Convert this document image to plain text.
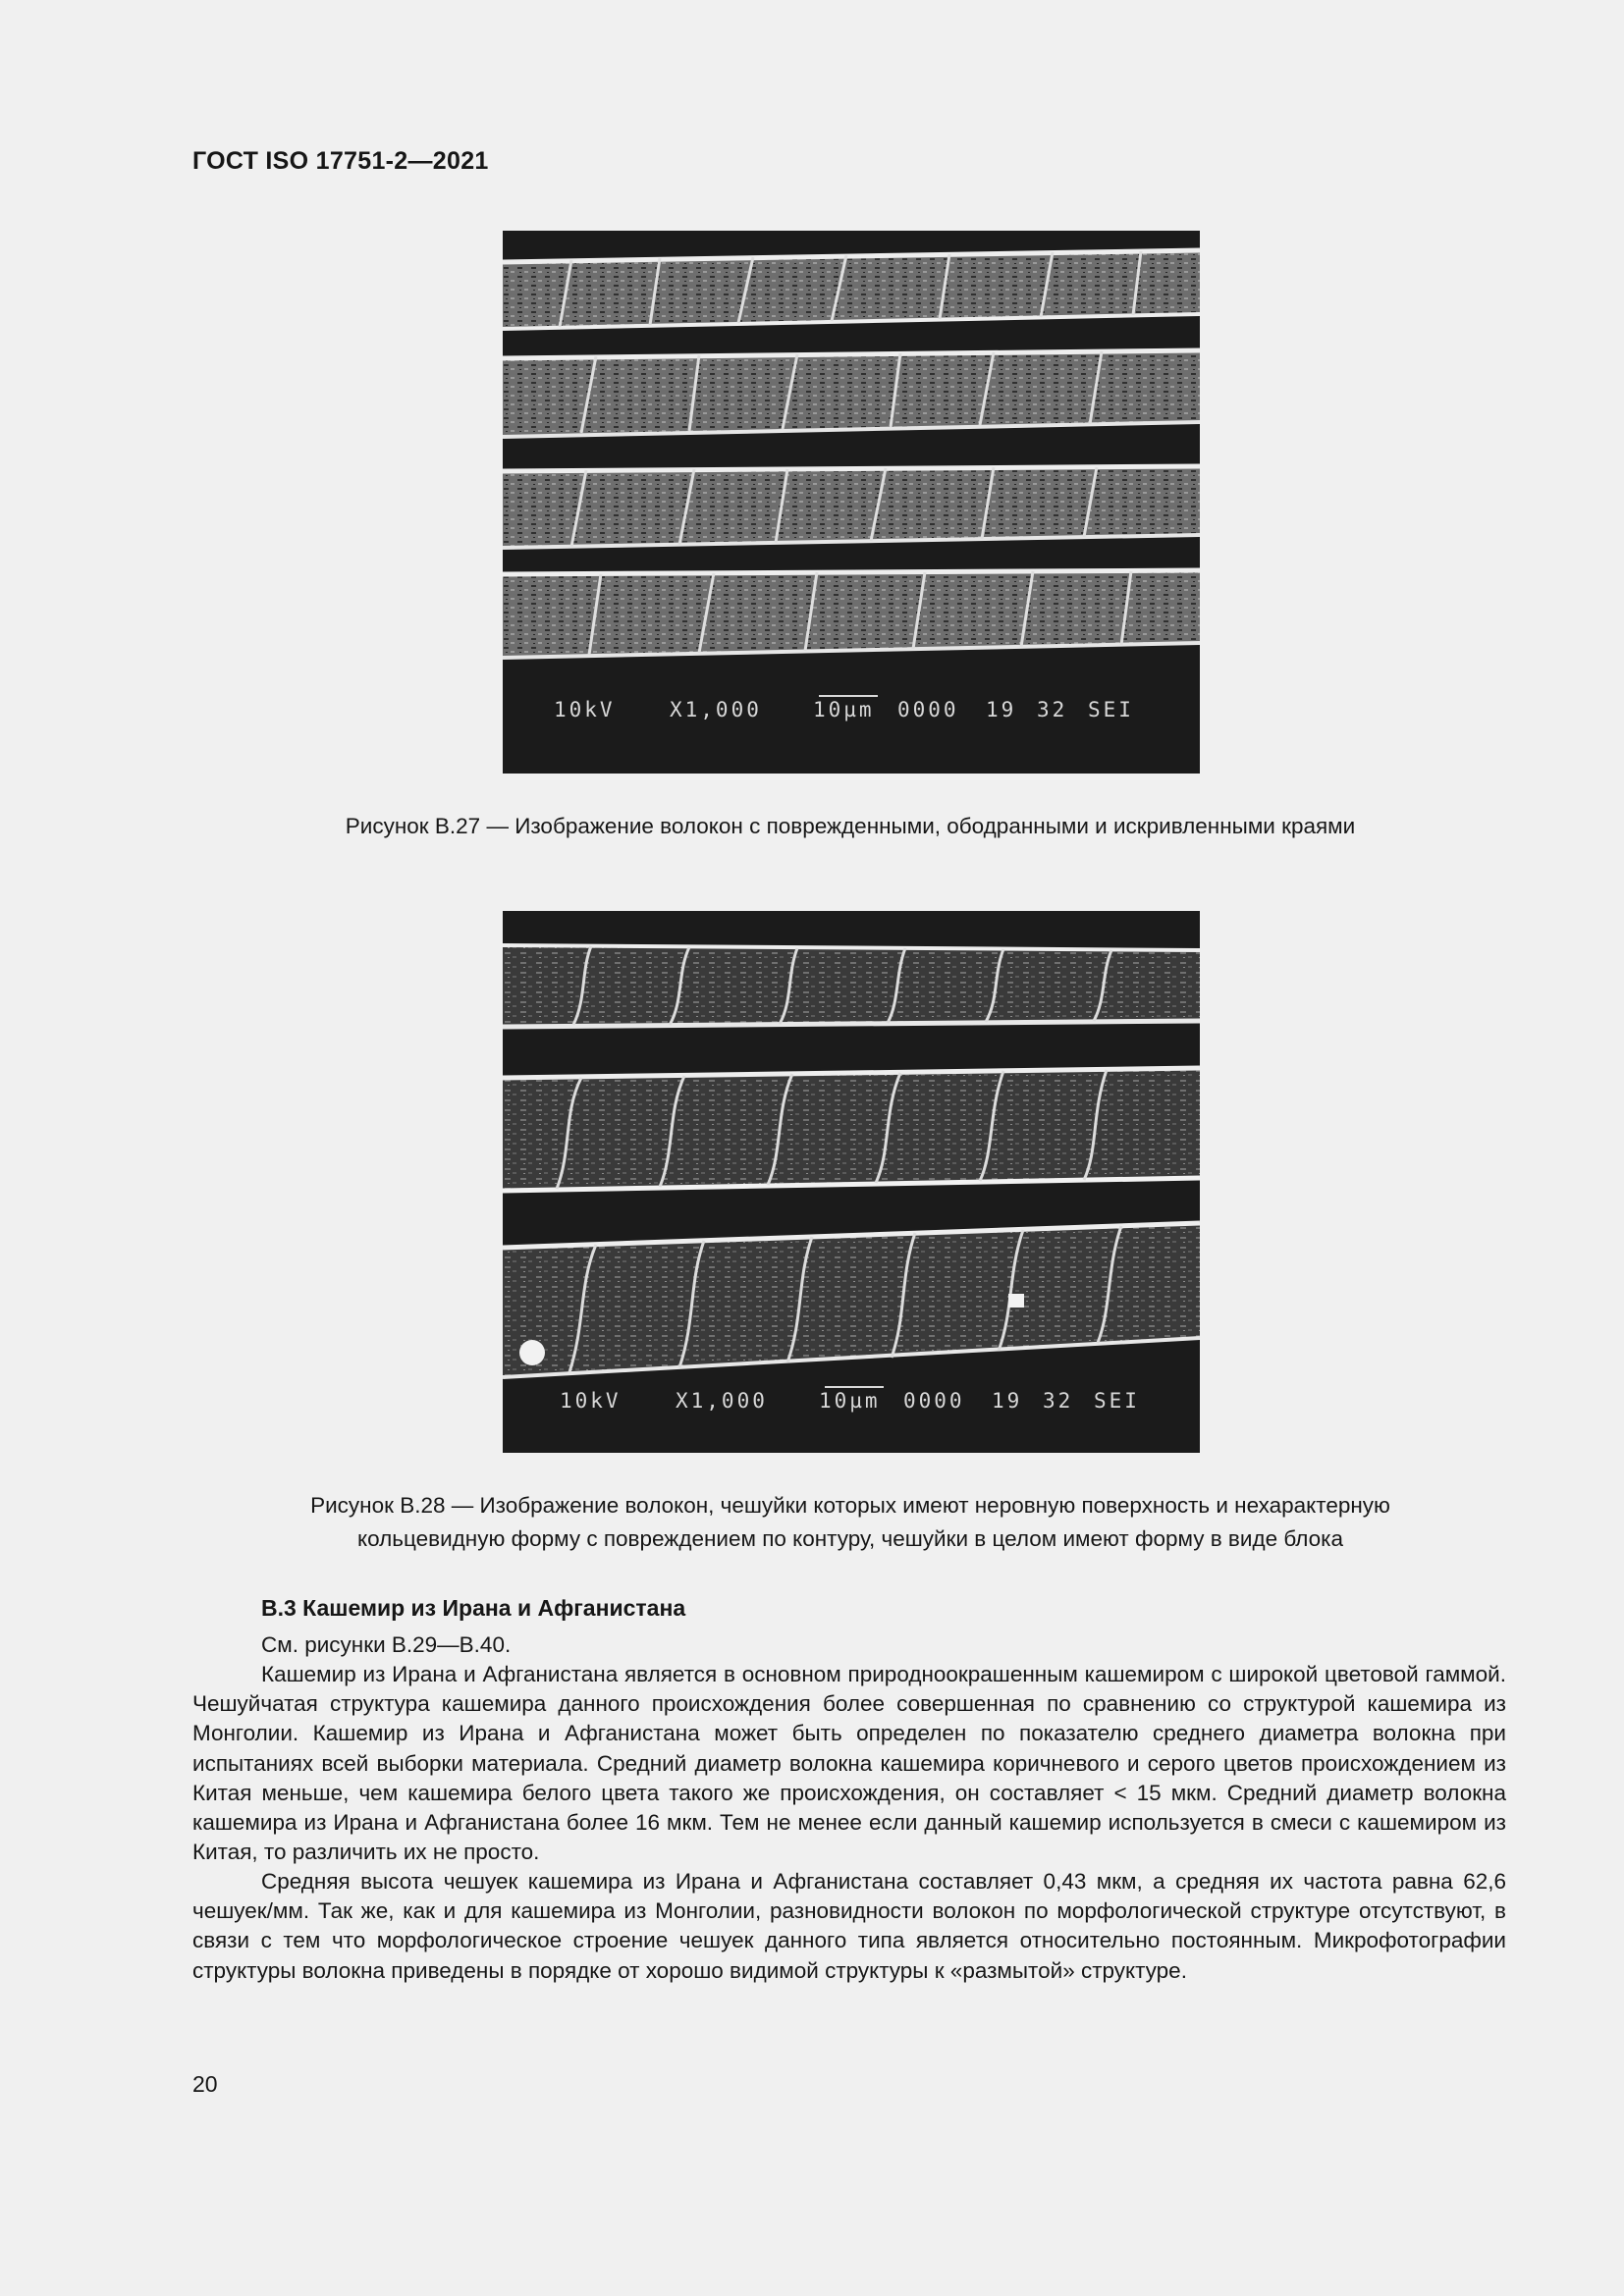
ГОСТ ISO 17751-2—2021
10kV	X1,000 10µm 0000 19 32 SEI
Рисунок В.27 — Изображение волокон с поврежденными, ободранными и искривленными краями
10kV	X1,000 10µm 0000 19 32 SEI
Рисунок В.28 — Изображение волокон, чешуйки которых имеют неровную поверхность и нехарактерную
кольцевидную форму с повреждением по контуру, чешуйки в целом имеют форму в виде блока
В.3 Кашемир из Ирана и Афганистана

См. рисунки В.29—В.40.

Кашемир из Ирана и Афганистана является в основном природноокрашенным кашемиром с широкой цветовой гаммой. Чешуйчатая структура кашемира данного происхождения более совершенная по сравнению со структурой кашемира из Монголии. Кашемир из Ирана и Афганистана может быть определен по показателю среднего диаметра волокна при испытаниях всей выборки материала. Средний диаметр волокна кашемира коричневого и серого цветов происхождением из Китая меньше, чем кашемира белого цвета такого же происхождения, он составляет < 15 мкм. Средний диаметр волокна кашемира из Ирана и Афганистана более 16 мкм. Тем не менее если данный кашемир используется в смеси с кашемиром из Китая, то различить их не просто.

Средняя высота чешуек кашемира из Ирана и Афганистана составляет 0,43 мкм, а средняя их частота равна 62,6 чешуек/мм. Так же, как и для кашемира из Монголии, разновидности волокон по морфологической структуре отсутствуют, в связи с тем что морфологическое строение чешуек данного типа является относительно постоянным. Микрофотографии структуры волокна приведены в порядке от хорошо видимой структуры к «размытой» структуре.

20
